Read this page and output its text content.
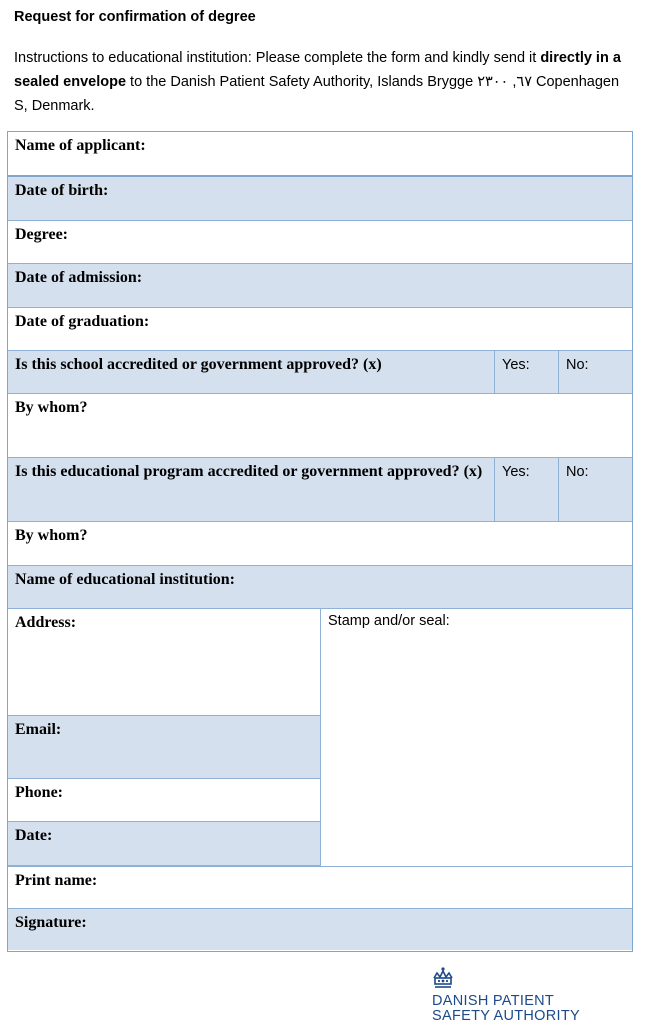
Request for confirmation of degree
Instructions to educational institution: Please complete the form and kindly send it directly in a sealed envelope to the Danish Patient Safety Authority, Islands Brygge ٦٧, ٢٣٠٠ Copenhagen S, Denmark.
Name of applicant:
Date of birth:
Degree:
Date of admission:
Date of graduation:
Is this school accredited or government approved? (x)	Yes:	No:
By whom?
Is this educational program accredited or government approved? (x) Yes:	No:
By whom?
Name of educational institution:
Address:
Email:
Phone:
Date:
Stamp and/or seal:
Print name:
Signature:
DANISH PATIENT
SAFETY AUTHORITY
